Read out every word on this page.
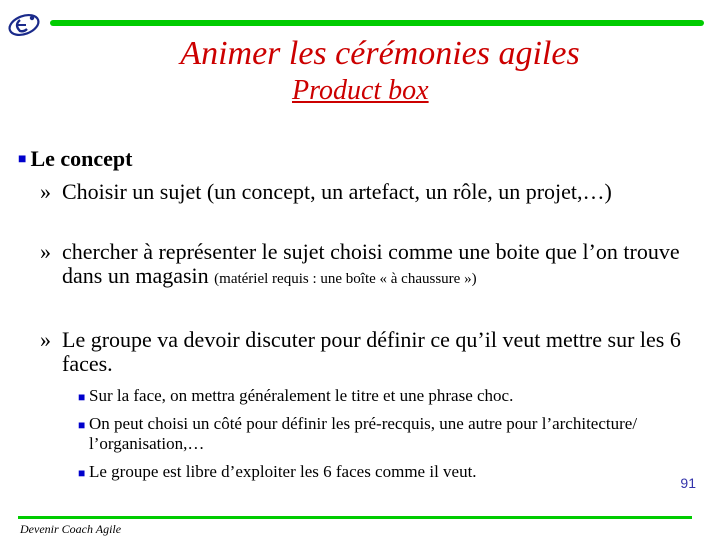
Animer les cérémonies agiles
Product box
■ Le concept
» Choisir un sujet (un concept, un artefact, un rôle, un projet,…)
» chercher à représenter le sujet choisi comme une boite que l’on trouve dans un magasin (matériel requis : une boîte « à chaussure »)
» Le groupe va devoir discuter pour définir ce qu’il veut mettre sur les 6 faces.
■ Sur la face, on mettra généralement le titre et une phrase choc.
■ On peut choisi un côté pour définir les pré-recquis, une autre pour l’architecture/ l’organisation,…
■ Le groupe est libre d’exploiter les 6 faces comme il veut.
91
Devenir Coach Agile
